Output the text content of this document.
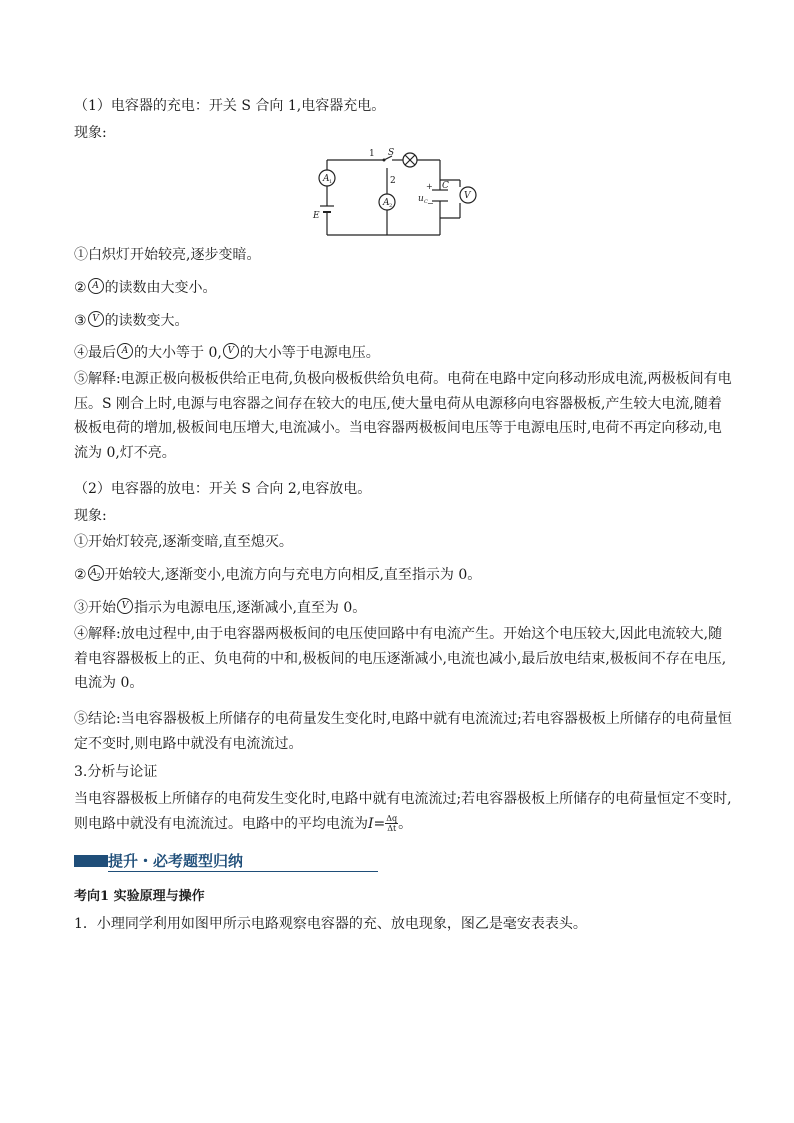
（1）电容器的充电：开关 S 合向 1,电容器充电。
现象:
1 S
2
A 1
A 2
V
E
C
u C
+
−
①白炽灯开始较亮,逐步变暗。
② A 的读数由大变小。
③ V 的读数变大。
④最后 A 的大小等于 0, V 的大小等于电源电压。
⑤解释:电源正极向极板供给正电荷,负极向极板供给负电荷。电荷在电路中定向移动形成电流,两极板间有电压。S 刚合上时,电源与电容器之间存在较大的电压,使大量电荷从电源移向电容器极板,产生较大电流,随着极板电荷的增加,极板间电压增大,电流减小。当电容器两极板间电压等于电源电压时,电荷不再定向移动,电流为 0,灯不亮。
（2）电容器的放电：开关 S 合向 2,电容放电。
现象:
①开始灯较亮,逐渐变暗,直至熄灭。
② $A_2$ 开始较大,逐渐变小,电流方向与充电方向相反,直至指示为 0。
③开始 V 指示为电源电压,逐渐减小,直至为 0。
④解释:放电过程中,由于电容器两极板间的电压使回路中有电流产生。开始这个电压较大,因此电流较大,随着电容器极板上的正、负电荷的中和,极板间的电压逐渐减小,电流也减小,最后放电结束,极板间不存在电压,电流为 0。
⑤结论:当电容器极板上所储存的电荷量发生变化时,电路中就有电流流过;若电容器极板上所储存的电荷量恒定不变时,则电路中就没有电流流过。
3.分析与论证
当电容器极板上所储存的电荷发生变化时,电路中就有电流流过;若电容器极板上所储存的电荷量恒定不变时,则电路中就没有电流流过。电路中的平均电流为$I= \frac{\Delta q}{\Delta t}$ 。
提升・必考题型归纳
考向1 实验原理与操作
1．小理同学利用如图甲所示电路观察电容器的充、放电现象，图乙是毫安表表头。
